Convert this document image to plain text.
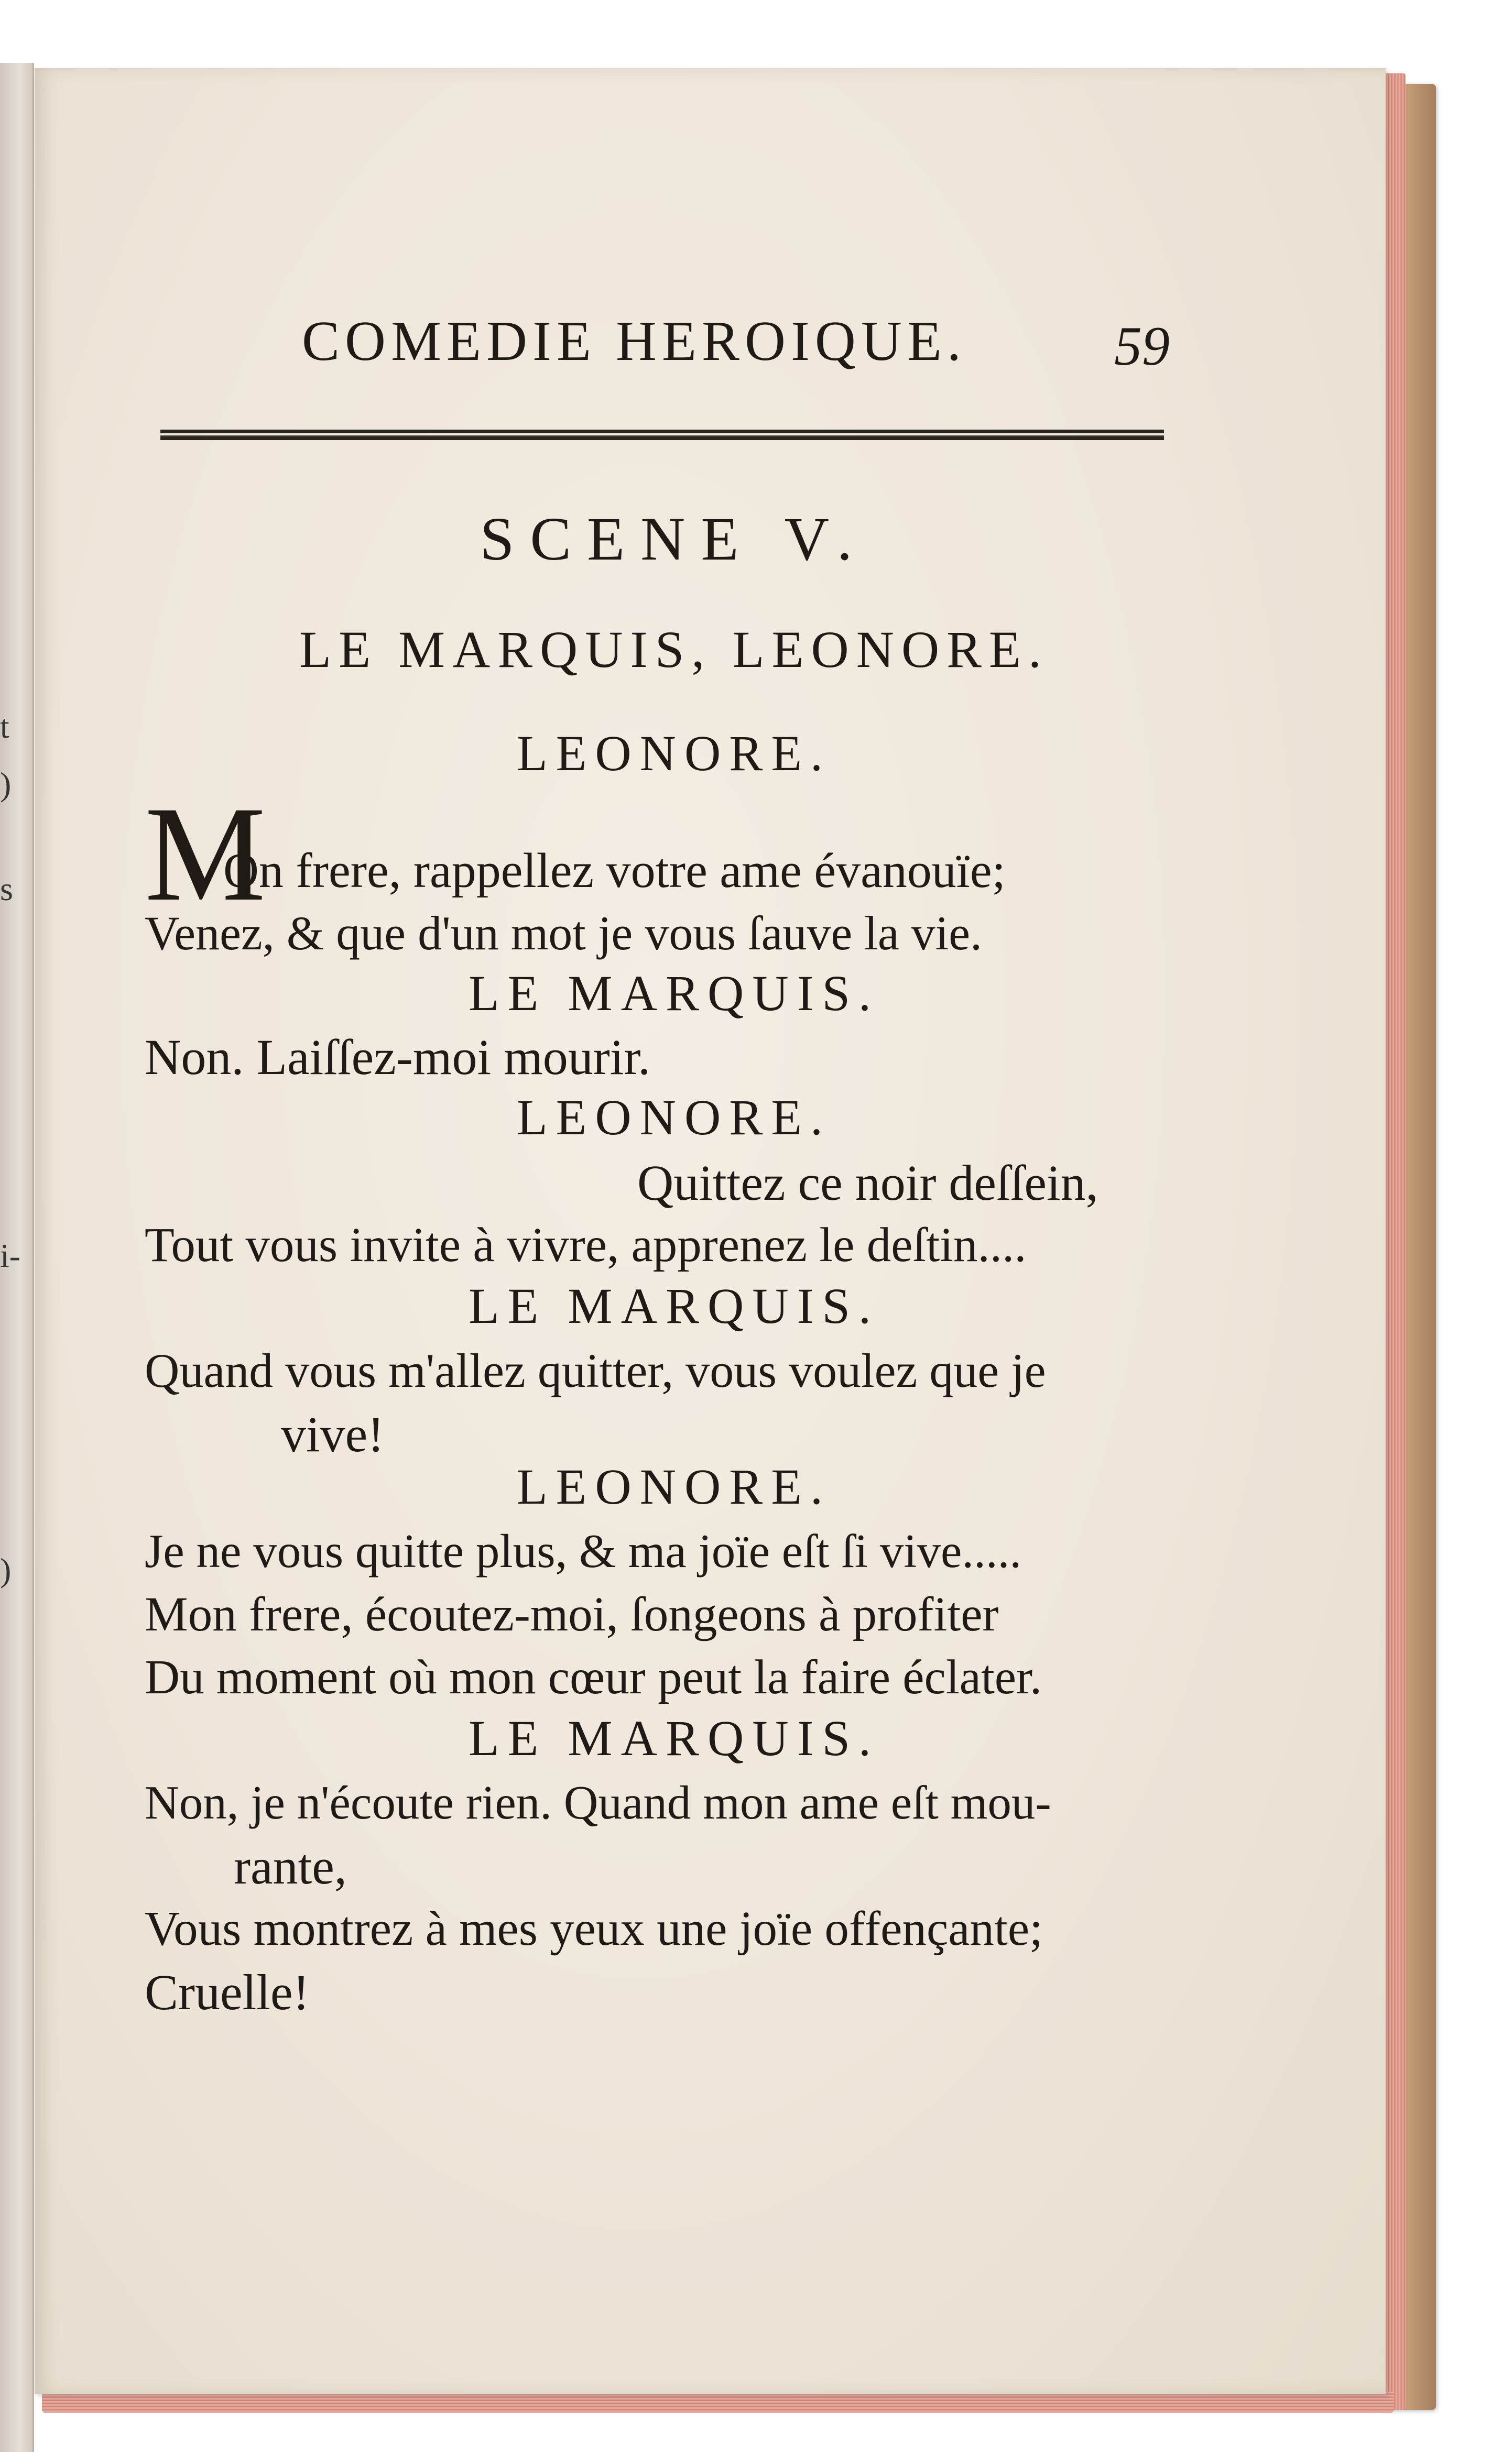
t
)
s
i-
)
COMEDIE HEROIQUE.	59
SCENE V.
LE MARQUIS, LEONORE.
LEONORE.
M
On frere, rappellez votre ame évanouïe;
Venez, & que d'un mot je vous ſauve la vie.
LE MARQUIS.
Non. Laiſſez-moi mourir.
LEONORE.
Quittez ce noir deſſein,
Tout vous invite à vivre, apprenez le deſtin....
LE MARQUIS.
Quand vous m'allez quitter, vous voulez que je
vive!
LEONORE.
Je ne vous quitte plus, & ma joïe eſt ſi vive.....
Mon frere, écoutez-moi, ſongeons à profiter
Du moment où mon cœur peut la faire éclater.
LE MARQUIS.
Non, je n'écoute rien. Quand mon ame eſt mou-
rante,
Vous montrez à mes yeux une joïe offençante;
Cruelle!
